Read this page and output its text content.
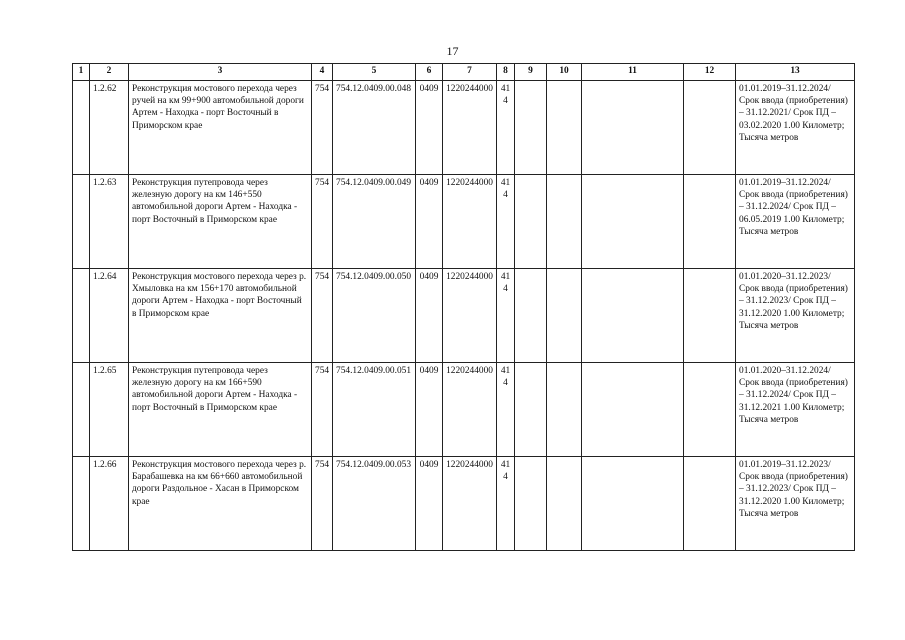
17
1	2	3	4	5	6	7	8	9	10	11	12	13
	1.2.62	Реконструкция мостового перехода через ручей на км 99+900 автомобильной дороги Артем - Находка - порт Восточный в Приморском крае	754	754.12.0409.00.048	0409	1220244000	414					01.01.2019–31.12.2024/ Срок ввода (приобретения) – 31.12.2021/ Срок ПД – 03.02.2020 1.00 Километр; Тысяча метров
	1.2.63	Реконструкция путепровода через железную дорогу на км 146+550 автомобильной дороги Артем - Находка - порт Восточный в Приморском крае	754	754.12.0409.00.049	0409	1220244000	414					01.01.2019–31.12.2024/ Срок ввода (приобретения) – 31.12.2024/ Срок ПД – 06.05.2019 1.00 Километр; Тысяча метров
	1.2.64	Реконструкция мостового перехода через р. Хмыловка на км 156+170 автомобильной дороги Артем - Находка - порт Восточный в Приморском крае	754	754.12.0409.00.050	0409	1220244000	414					01.01.2020–31.12.2023/ Срок ввода (приобретения) – 31.12.2023/ Срок ПД – 31.12.2020 1.00 Километр; Тысяча метров
	1.2.65	Реконструкция путепровода через железную дорогу на км 166+590 автомобильной дороги Артем - Находка - порт Восточный в Приморском крае	754	754.12.0409.00.051	0409	1220244000	414					01.01.2020–31.12.2024/ Срок ввода (приобретения) – 31.12.2024/ Срок ПД – 31.12.2021 1.00 Километр; Тысяча метров
	1.2.66	Реконструкция мостового перехода через р. Барабашевка на км 66+660 автомобильной дороги Раздольное - Хасан в Приморском крае	754	754.12.0409.00.053	0409	1220244000	414					01.01.2019–31.12.2023/ Срок ввода (приобретения) – 31.12.2023/ Срок ПД – 31.12.2020 1.00 Километр; Тысяча метров
